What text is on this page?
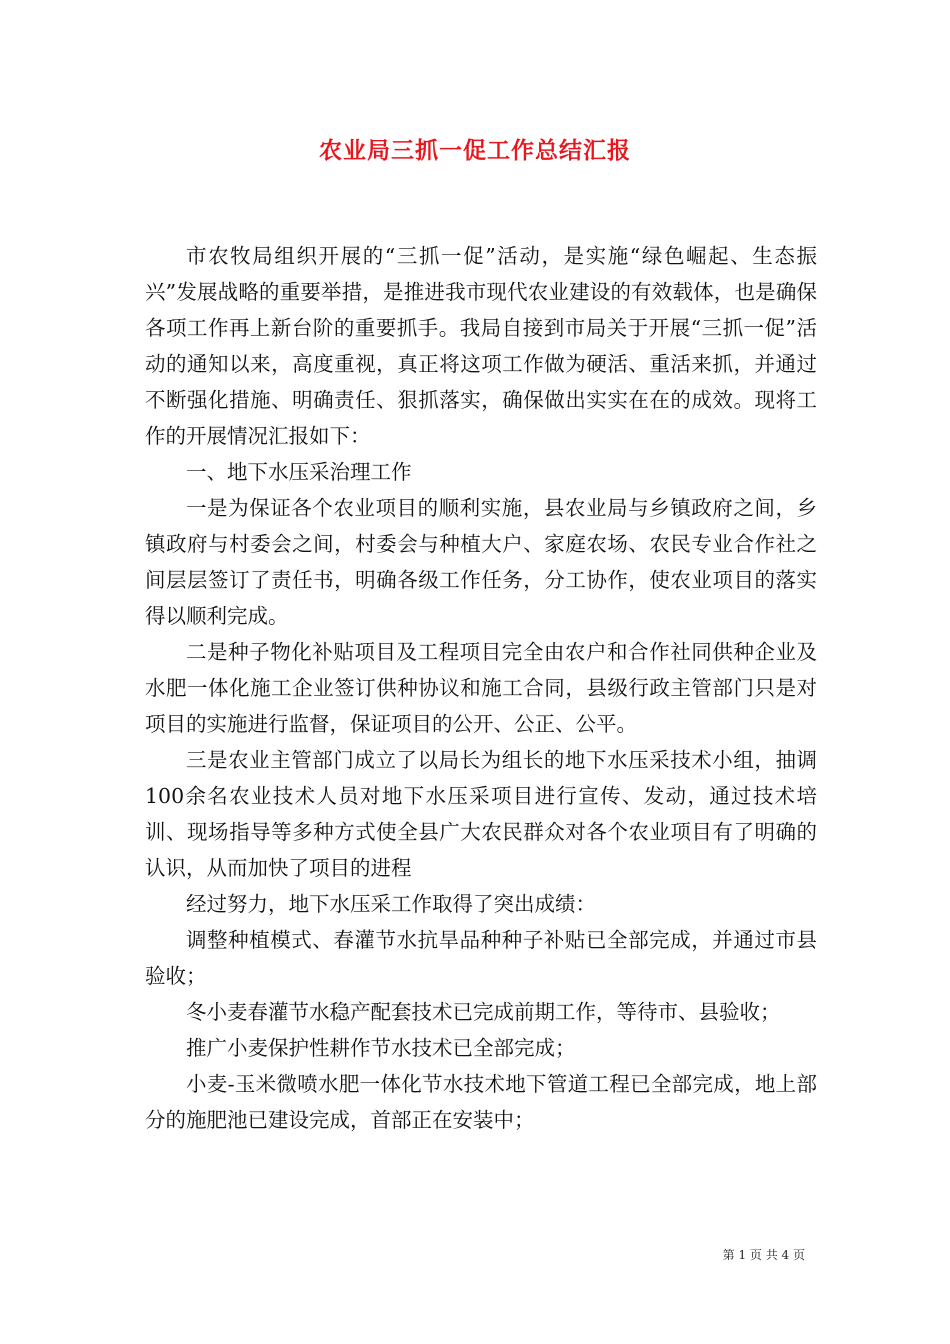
农业局三抓一促工作总结汇报

市农牧局组织开展的“三抓一促”活动，是实施“绿色崛起、生态振兴”发展战略的重要举措，是推进我市现代农业建设的有效载体，也是确保各项工作再上新台阶的重要抓手。我局自接到市局关于开展“三抓一促”活动的通知以来，高度重视，真正将这项工作做为硬活、重活来抓，并通过不断强化措施、明确责任、狠抓落实，确保做出实实在在的成效。现将工作的开展情况汇报如下：

一、地下水压采治理工作

一是为保证各个农业项目的顺利实施，县农业局与乡镇政府之间，乡镇政府与村委会之间，村委会与种植大户、家庭农场、农民专业合作社之间层层签订了责任书，明确各级工作任务，分工协作，使农业项目的落实得以顺利完成。

二是种子物化补贴项目及工程项目完全由农户和合作社同供种企业及水肥一体化施工企业签订供种协议和施工合同，县级行政主管部门只是对项目的实施进行监督，保证项目的公开、公正、公平。

三是农业主管部门成立了以局长为组长的地下水压采技术小组，抽调100余名农业技术人员对地下水压采项目进行宣传、发动，通过技术培训、现场指导等多种方式使全县广大农民群众对各个农业项目有了明确的认识，从而加快了项目的进程

经过努力，地下水压采工作取得了突出成绩：

调整种植模式、春灌节水抗旱品种种子补贴已全部完成，并通过市县验收；

冬小麦春灌节水稳产配套技术已完成前期工作，等待市、县验收；

推广小麦保护性耕作节水技术已全部完成；

小麦-玉米微喷水肥一体化节水技术地下管道工程已全部完成，地上部分的施肥池已建设完成，首部正在安装中；

第 1 页 共 4 页
